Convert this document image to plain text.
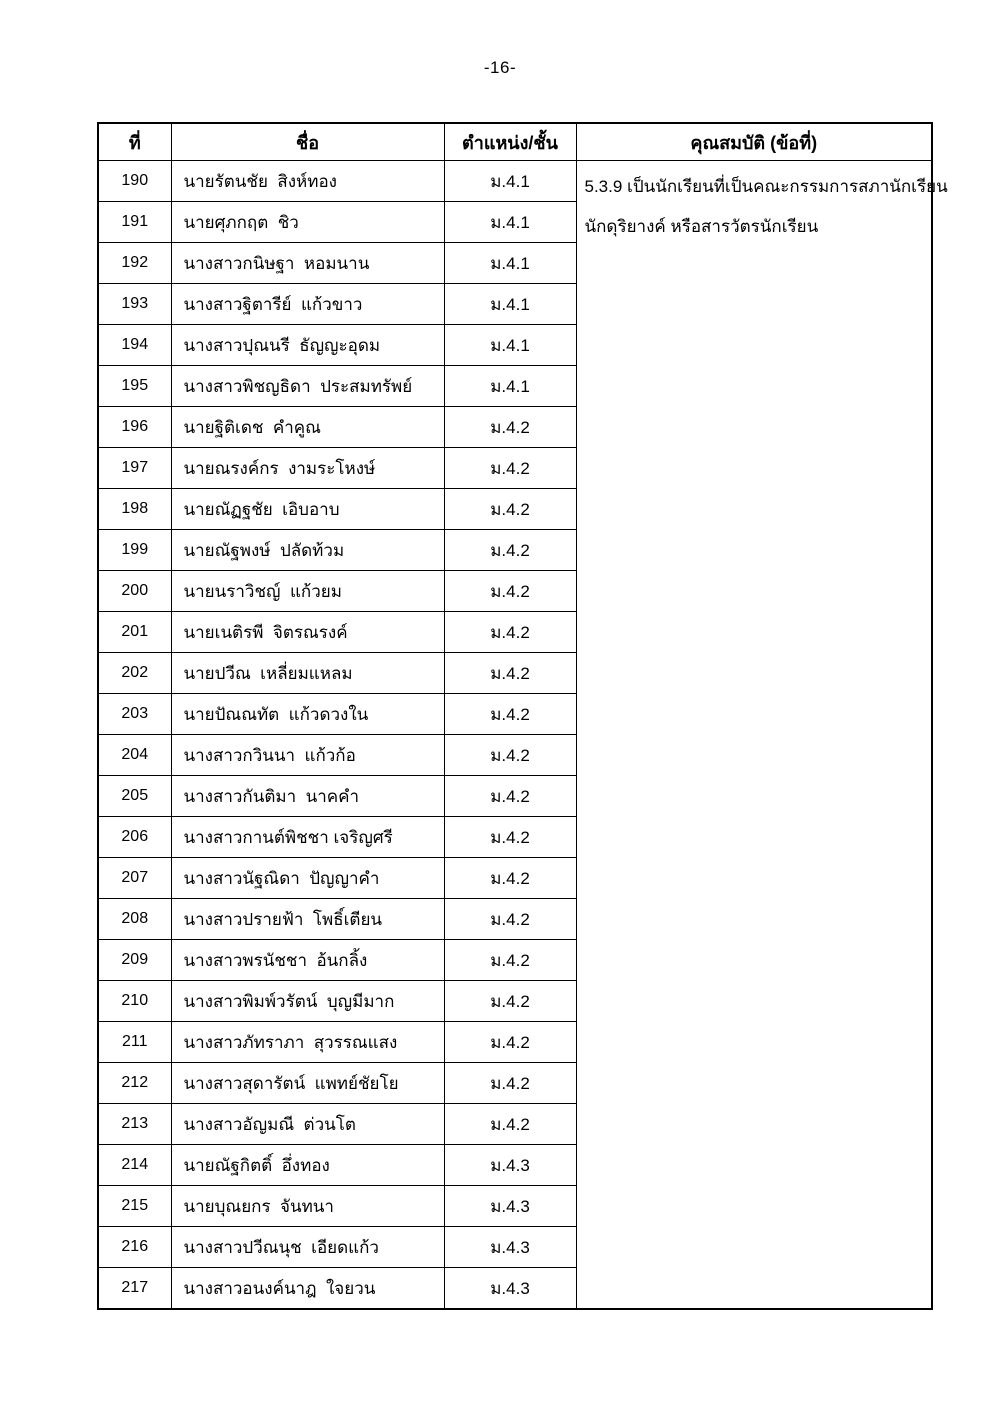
-16-
ที่	ชื่อ	ตำแหน่ง/ชั้น	คุณสมบัติ (ข้อที่)
190	นายรัตนชัย  สิงห์ทอง	ม.4.1	5.3.9 เป็นนักเรียนที่เป็นคณะกรรมการสภานักเรียน
นักดุริยางค์ หรือสารวัตรนักเรียน

191	นายศุภกฤต  ชิว	ม.4.1	
192	นางสาวกนิษฐา  หอมนาน	ม.4.1	
193	นางสาวฐิตารีย์  แก้วขาว	ม.4.1	
194	นางสาวปุณนรี  ธัญญะอุดม	ม.4.1	
195	นางสาวพิชญธิดา  ประสมทรัพย์	ม.4.1	
196	นายฐิติเดช  คำคูณ	ม.4.2	
197	นายณรงค์กร  งามระโหงษ์	ม.4.2	
198	นายณัฏฐชัย  เอิบอาบ	ม.4.2	
199	นายณัฐพงษ์  ปลัดท้วม	ม.4.2	
200	นายนราวิชญ์  แก้วยม	ม.4.2	
201	นายเนติรพี  จิตรณรงค์	ม.4.2	
202	นายปวีณ  เหลี่ยมแหลม	ม.4.2	
203	นายปัณณทัต  แก้วดวงใน	ม.4.2	
204	นางสาวกวินนา  แก้วก้อ	ม.4.2	
205	นางสาวกันติมา  นาคคำ	ม.4.2	
206	นางสาวกานต์พิชชา เจริญศรี	ม.4.2	
207	นางสาวนัฐณิดา  ปัญญาคำ	ม.4.2	
208	นางสาวปรายฟ้า  โพธิ์เตียน	ม.4.2	
209	นางสาวพรนัชชา  อ้นกลิ้ง	ม.4.2	
210	นางสาวพิมพ์วรัตน์  บุญมีมาก	ม.4.2	
211	นางสาวภัทราภา  สุวรรณแสง	ม.4.2	
212	นางสาวสุดารัตน์  แพทย์ชัยโย	ม.4.2	
213	นางสาวอัญมณี  ต่วนโต	ม.4.2	
214	นายณัฐกิตติ์  อึ่งทอง	ม.4.3	
215	นายบุณยกร  จันทนา	ม.4.3	
216	นางสาวปวีณนุช  เอียดแก้ว	ม.4.3	
217	นางสาวอนงค์นาฎ  ใจยวน	ม.4.3	
